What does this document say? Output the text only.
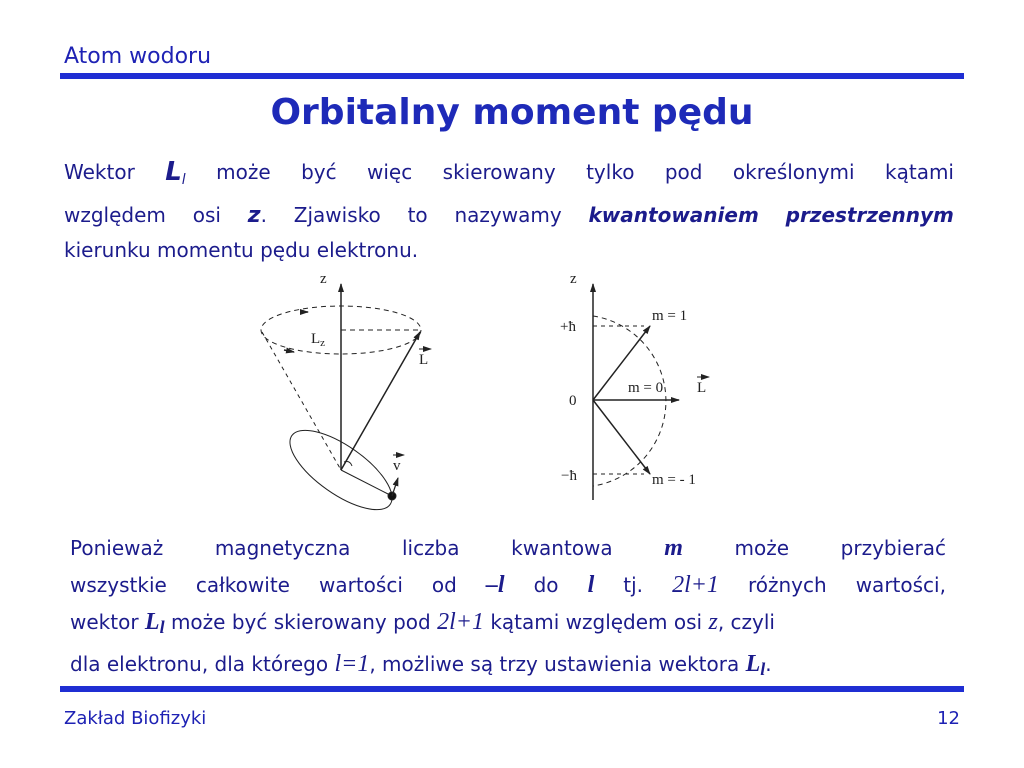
Atom wodoru
Orbitalny moment pędu
Wektor $L_l$ może być więc skierowany tylko pod określonymi kątami
względem osi z. Zjawisko to nazywamy kwantowaniem przestrzennym
kierunku momentu pędu elektronu.
z
$L_z$
L
v
z
+ħ
0
−ħ
m = 1
m = 0
m = - 1
L
Ponieważ	magnetyczna	liczba	kwantowa m	może	przybierać
wszystkie całkowite wartości od –l do l tj. 2l+1 różnych wartości,
wektor Ll może być skierowany pod 2l+1 kątami względem osi z, czyli
dla elektronu, dla którego l=1, możliwe są trzy ustawienia wektora Ll.
Zakład Biofizyki	12
